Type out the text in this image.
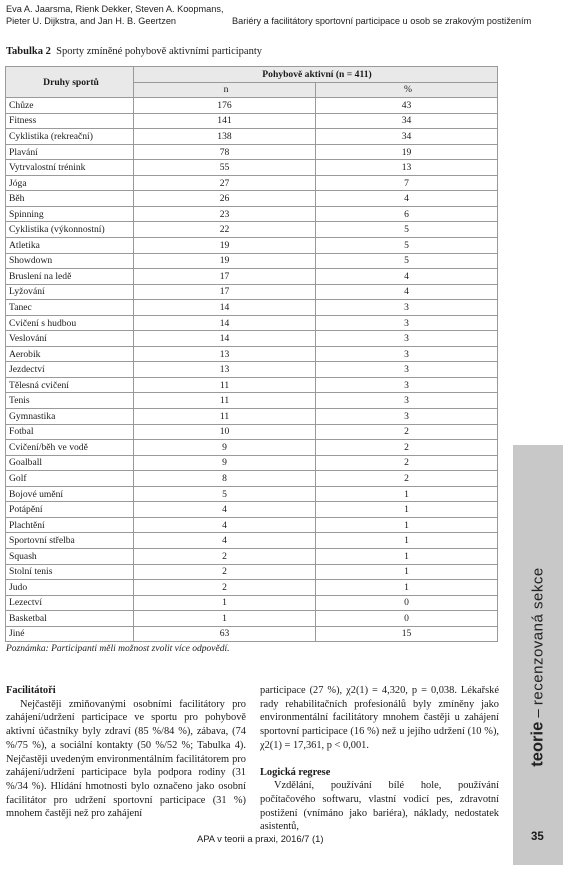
Eva A. Jaarsma, Rienk Dekker, Steven A. Koopmans,
Pieter U. Dijkstra, and Jan H. B. Geertzen	Bariéry a facilitátory sportovní participace u osob se zrakovým postižením
Tabulka 2 Sporty zmíněné pohybově aktivními participanty
Druhy sportů	Pohybově aktivní (n = 411)	
	n	%
Chůze	176	43
Fitness	141	34
Cyklistika (rekreační)	138	34
Plavání	78	19
Vytrvalostní trénink	55	13
Jóga	27	7
Běh	26	4
Spinning	23	6
Cyklistika (výkonnostní)	22	5
Atletika	19	5
Showdown	19	5
Bruslení na ledě	17	4
Lyžování	17	4
Tanec	14	3
Cvičení s hudbou	14	3
Veslování	14	3
Aerobik	13	3
Jezdectví	13	3
Tělesná cvičení	11	3
Tenis	11	3
Gymnastika	11	3
Fotbal	10	2
Cvičení/běh ve vodě	9	2
Goalball	9	2
Golf	8	2
Bojové umění	5	1
Potápění	4	1
Plachtění	4	1
Sportovní střelba	4	1
Squash	2	1
Stolní tenis	2	1
Judo	2	1
Lezectví	1	0
Basketbal	1	0
Jiné	63	15
Poznámka: Participanti měli možnost zvolit více odpovědí.

Facilitátoři

Nejčastěji zmiňovanými osobními facilitátory pro zahájení/udržení participace ve sportu pro pohybově aktivní účastníky byly zdraví (85 %/84 %), zábava, (74 %/75 %), a sociální kontakty (50 %/52 %; Tabulka 4). Nejčastěji uvedeným environmentálním facilitátorem pro zahájení/udržení participace byla podpora rodiny (31 %/34 %). Hlídání hmotnosti bylo označeno jako osobní facilitátor pro udržení sportovní participace (31 %) mnohem častěji než pro zahájení

participace (27 %), χ2(1) = 4,320, p = 0,038. Lékařské rady rehabilitačních profesionálů byly zmíněny jako environmentální facilitátory mnohem častěji u zahájení sportovní participace (16 %) než u jejího udržení (10 %), χ2(1) = 17,361, p < 0,001.

Logická regrese

Vzdělání, používání bílé hole, používání počítačového softwaru, vlastní vodicí pes, zdravotní postižení (vnímáno jako bariéra), náklady, nedostatek asistentů,

teorie – recenzovaná sekce
APA v teorii a praxi, 2016/7 (1)	35
